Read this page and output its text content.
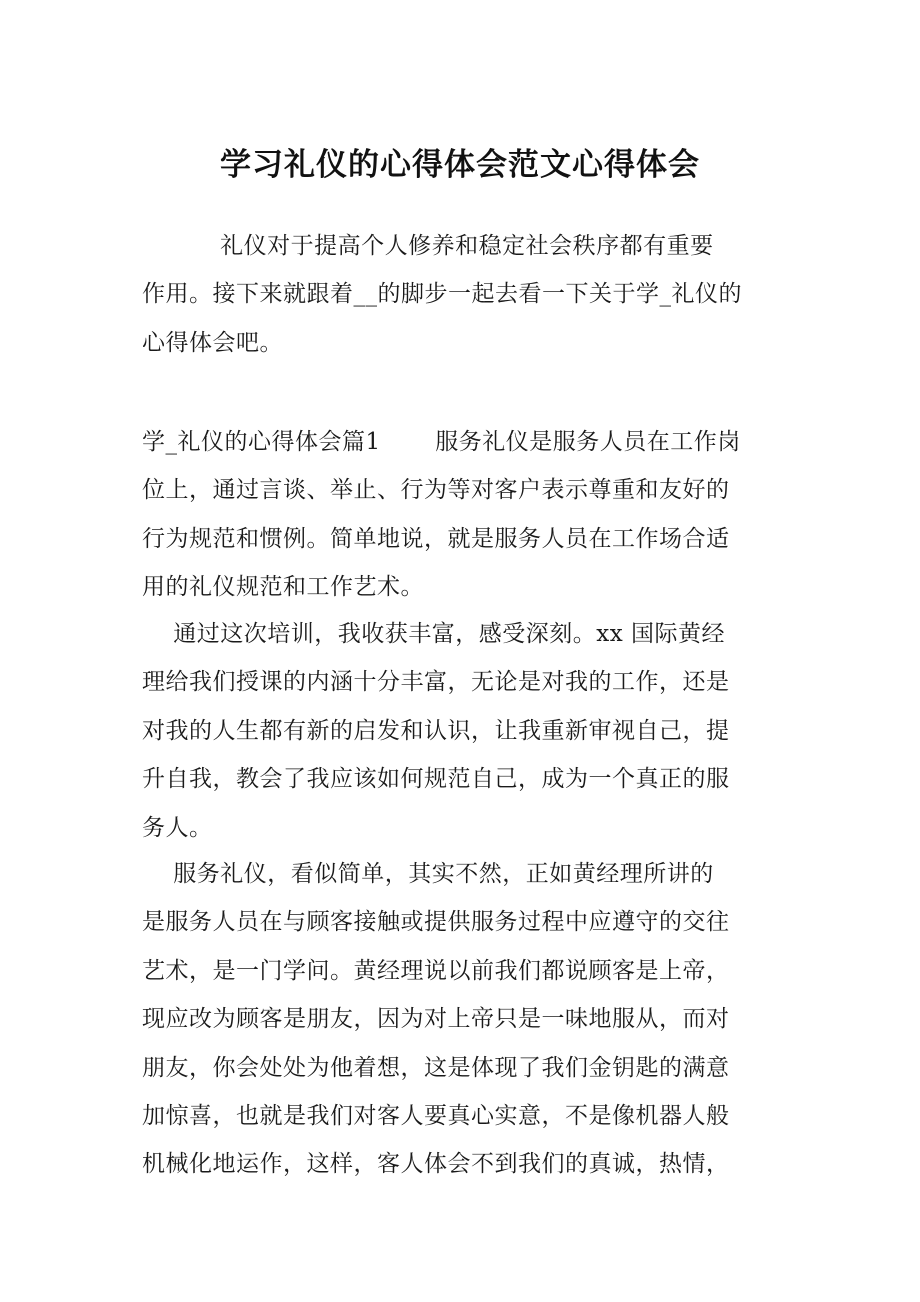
学习礼仪的心得体会范文心得体会
礼仪对于提高个人修养和稳定社会秩序都有重要
作用。接下来就跟着__的脚步一起去看一下关于学_礼仪的
心得体会吧。
学_礼仪的心得体会篇1       服务礼仪是服务人员在工作岗
位上，通过言谈、举止、行为等对客户表示尊重和友好的
行为规范和惯例。简单地说，就是服务人员在工作场合适
用的礼仪规范和工作艺术。
通过这次培训，我收获丰富，感受深刻。xx 国际黄经
理给我们授课的内涵十分丰富，无论是对我的工作，还是
对我的人生都有新的启发和认识，让我重新审视自己，提
升自我，教会了我应该如何规范自己，成为一个真正的服
务人。
服务礼仪，看似简单，其实不然，正如黄经理所讲的
是服务人员在与顾客接触或提供服务过程中应遵守的交往
艺术，是一门学问。黄经理说以前我们都说顾客是上帝，
现应改为顾客是朋友，因为对上帝只是一味地服从，而对
朋友，你会处处为他着想，这是体现了我们金钥匙的满意
加惊喜，也就是我们对客人要真心实意，不是像机器人般
机械化地运作，这样，客人体会不到我们的真诚，热情，
